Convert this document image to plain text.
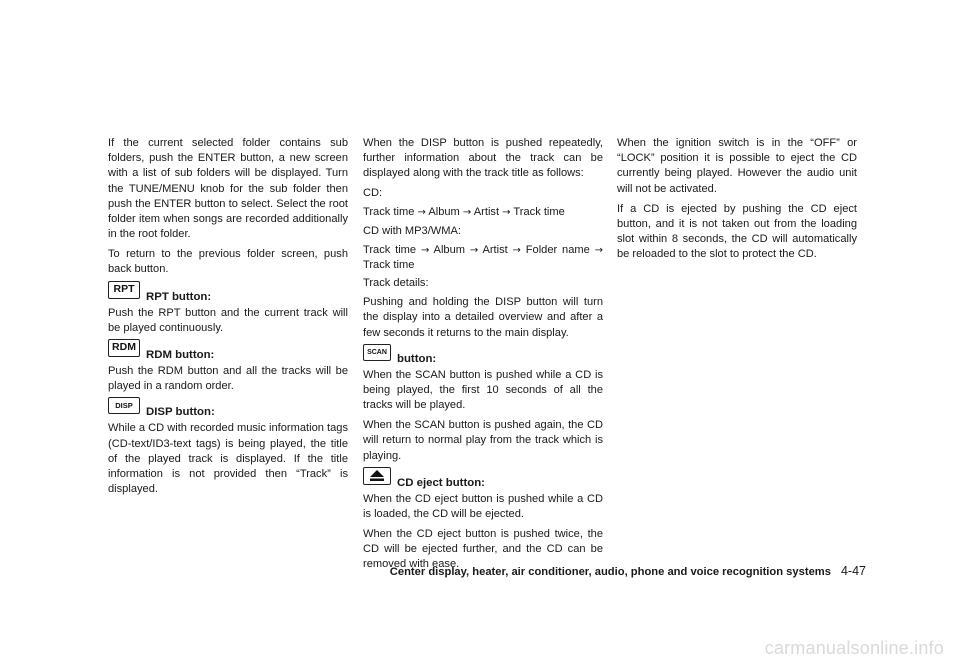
If the current selected folder contains sub folders, push the ENTER button, a new screen with a list of sub folders will be displayed. Turn the TUNE/MENU knob for the sub folder then push the ENTER button to select. Select the root folder item when songs are recorded additionally in the root folder.

To return to the previous folder screen, push back button.

RPT
RPT button:

Push the RPT button and the current track will be played continuously.

RDM
RDM button:

Push the RDM button and all the tracks will be played in a random order.

DISP
DISP button:

While a CD with recorded music information tags (CD-text/ID3-text tags) is being played, the title of the played track is displayed. If the title information is not provided then “Track” is displayed.

When the DISP button is pushed repeatedly, further information about the track can be displayed along with the track title as follows:

CD:

Track time → Album → Artist → Track time

CD with MP3/WMA:

Track time → Album → Artist → Folder name → Track time

Track details:

Pushing and holding the DISP button will turn the display into a detailed overview and after a few seconds it returns to the main display.

SCAN
button:

When the SCAN button is pushed while a CD is being played, the first 10 seconds of all the tracks will be played.

When the SCAN button is pushed again, the CD will return to normal play from the track which is playing.

CD eject button:

When the CD eject button is pushed while a CD is loaded, the CD will be ejected.

When the CD eject button is pushed twice, the CD will be ejected further, and the CD can be removed with ease.

When the ignition switch is in the “OFF” or “LOCK” position it is possible to eject the CD currently being played. However the audio unit will not be activated.

If a CD is ejected by pushing the CD eject button, and it is not taken out from the loading slot within 8 seconds, the CD will automatically be reloaded to the slot to protect the CD.

Center display, heater, air conditioner, audio, phone and voice recognition systems 4-47
carmanualsonline.info
